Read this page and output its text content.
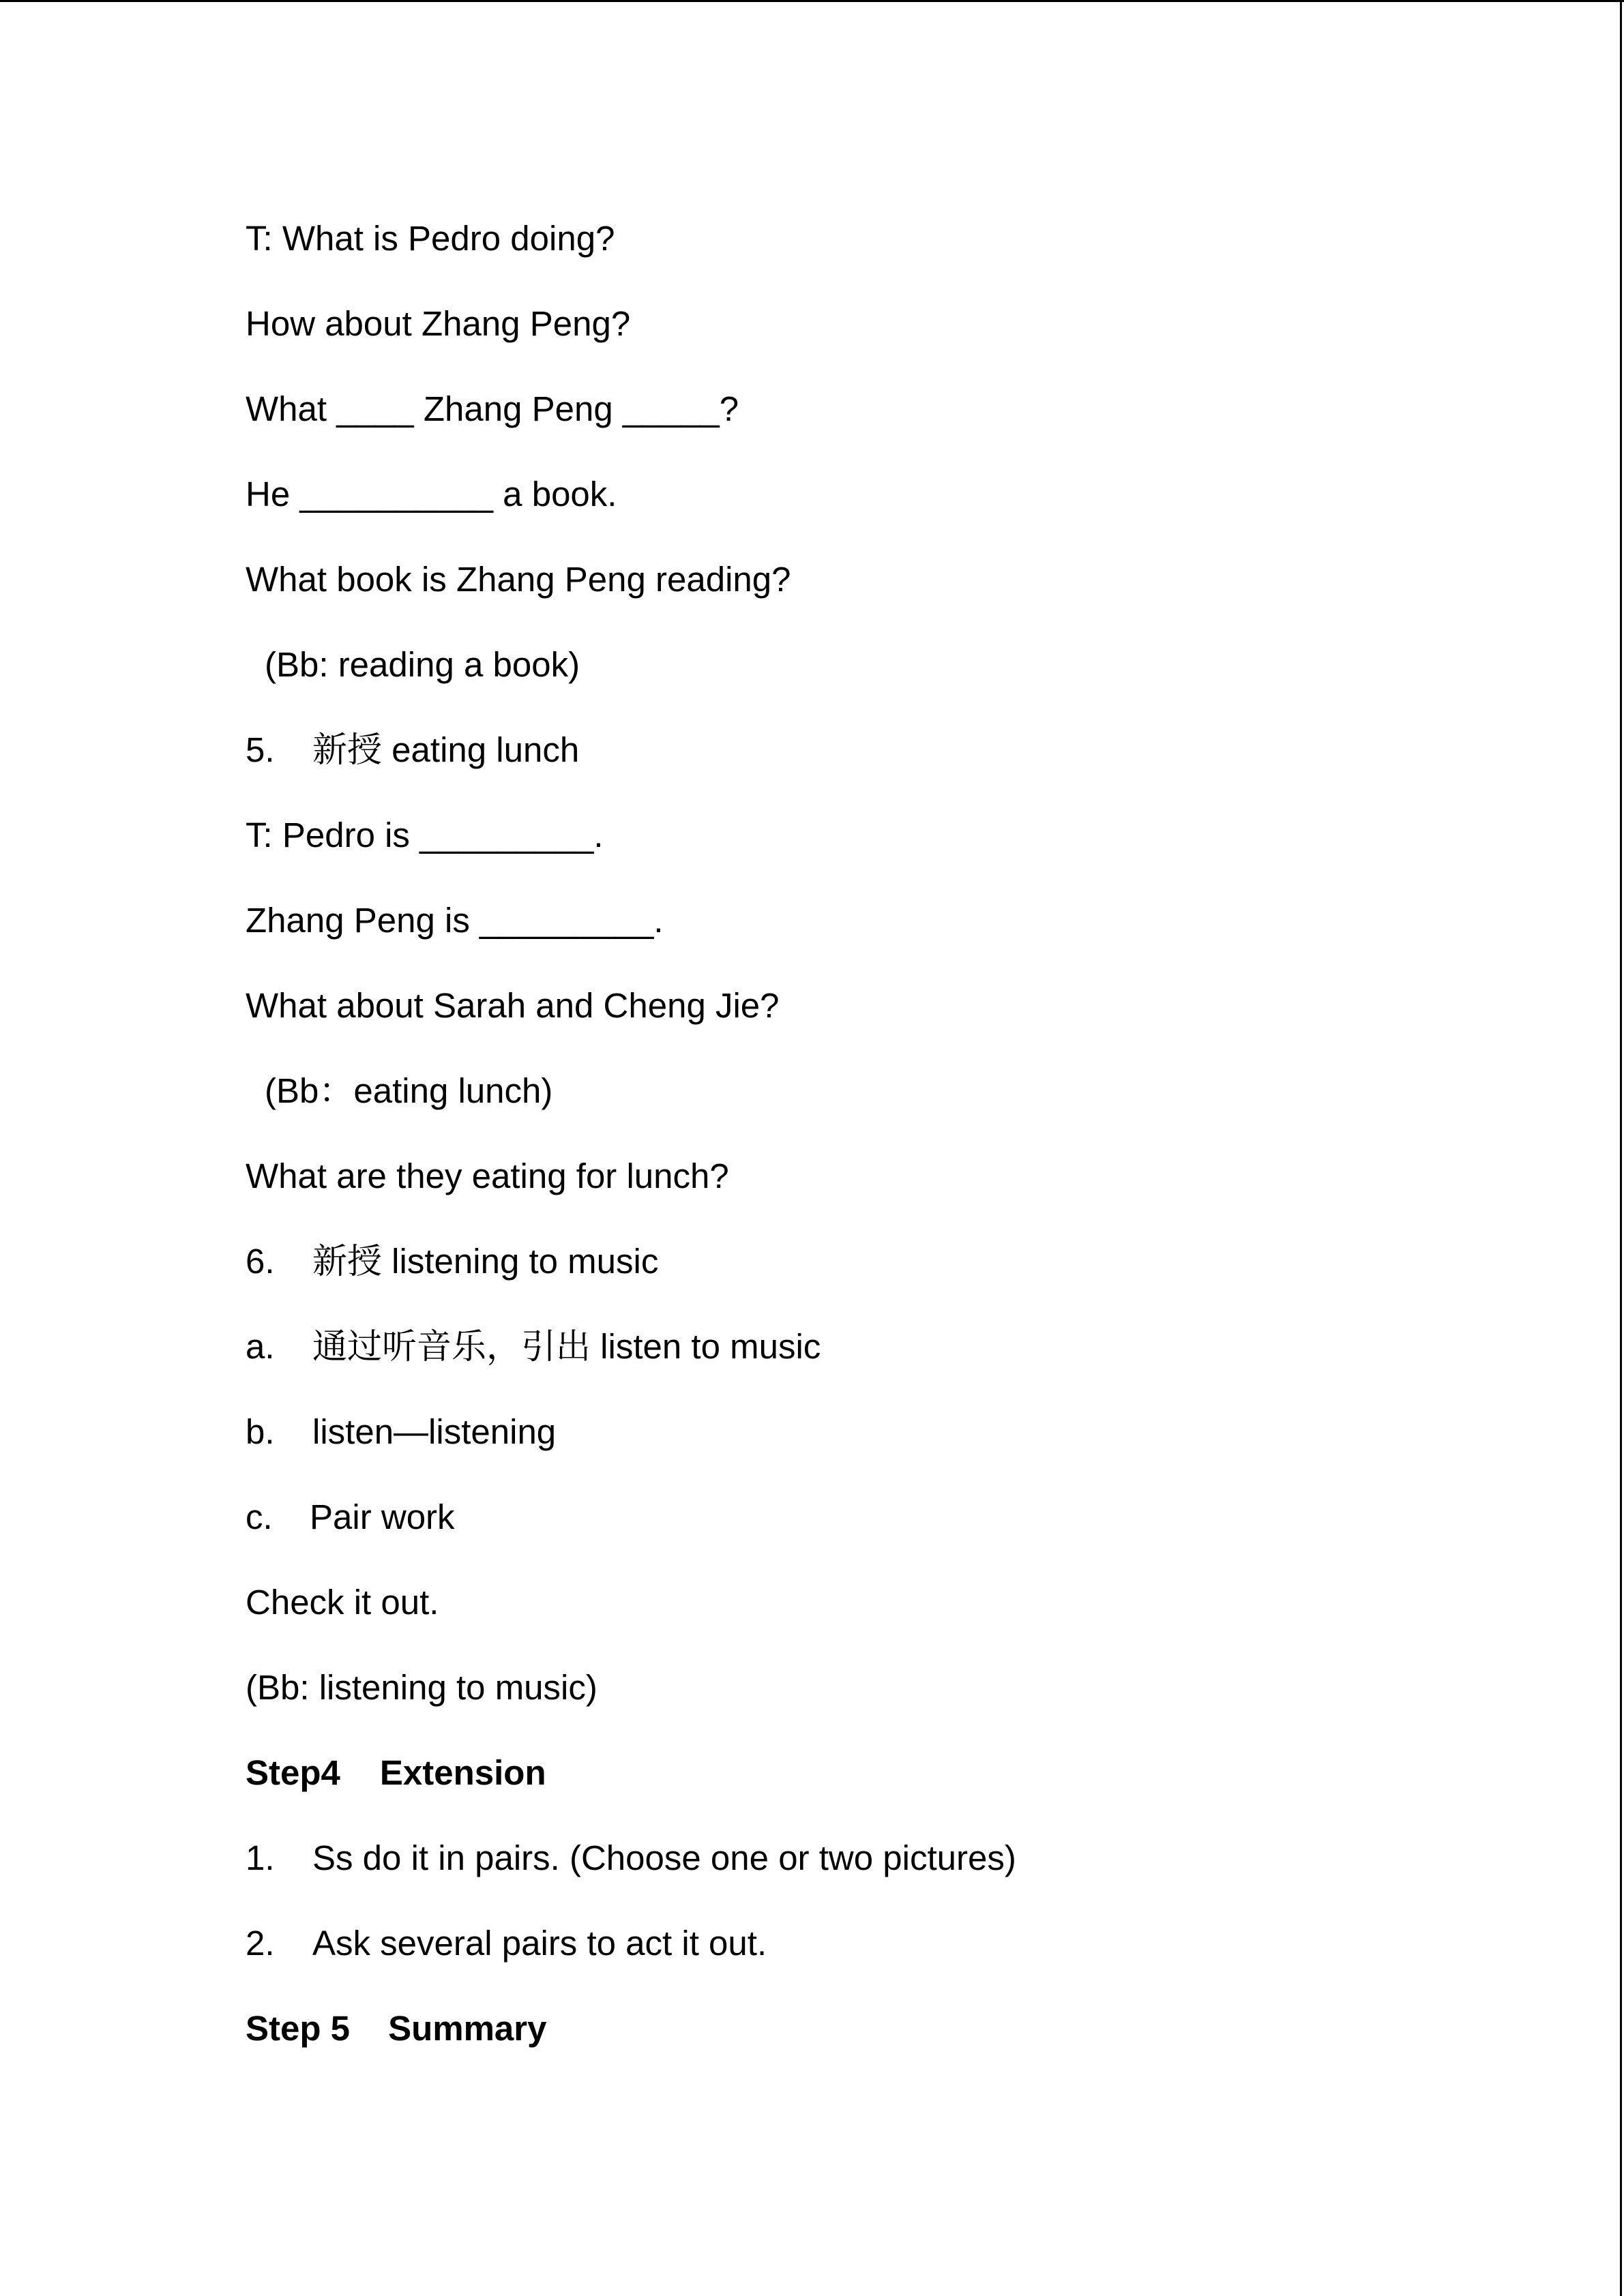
T: What is Pedro doing?
How about Zhang Peng?
What ____ Zhang Peng _____?
He __________ a book.
What book is Zhang Peng reading?
(Bb: reading a book)
5. 新授 eating lunch
T: Pedro is _________.
Zhang Peng is _________.
What about Sarah and Cheng Jie?
(Bb：eating lunch)
What are they eating for lunch?
6. 新授 listening to music
a. 通过听音乐，引出 listen to music
b. listen—listening
c. Pair work
Check it out.
(Bb: listening to music)
Step4 Extension
1. Ss do it in pairs. (Choose one or two pictures)
2. Ask several pairs to act it out.
Step 5 Summary
